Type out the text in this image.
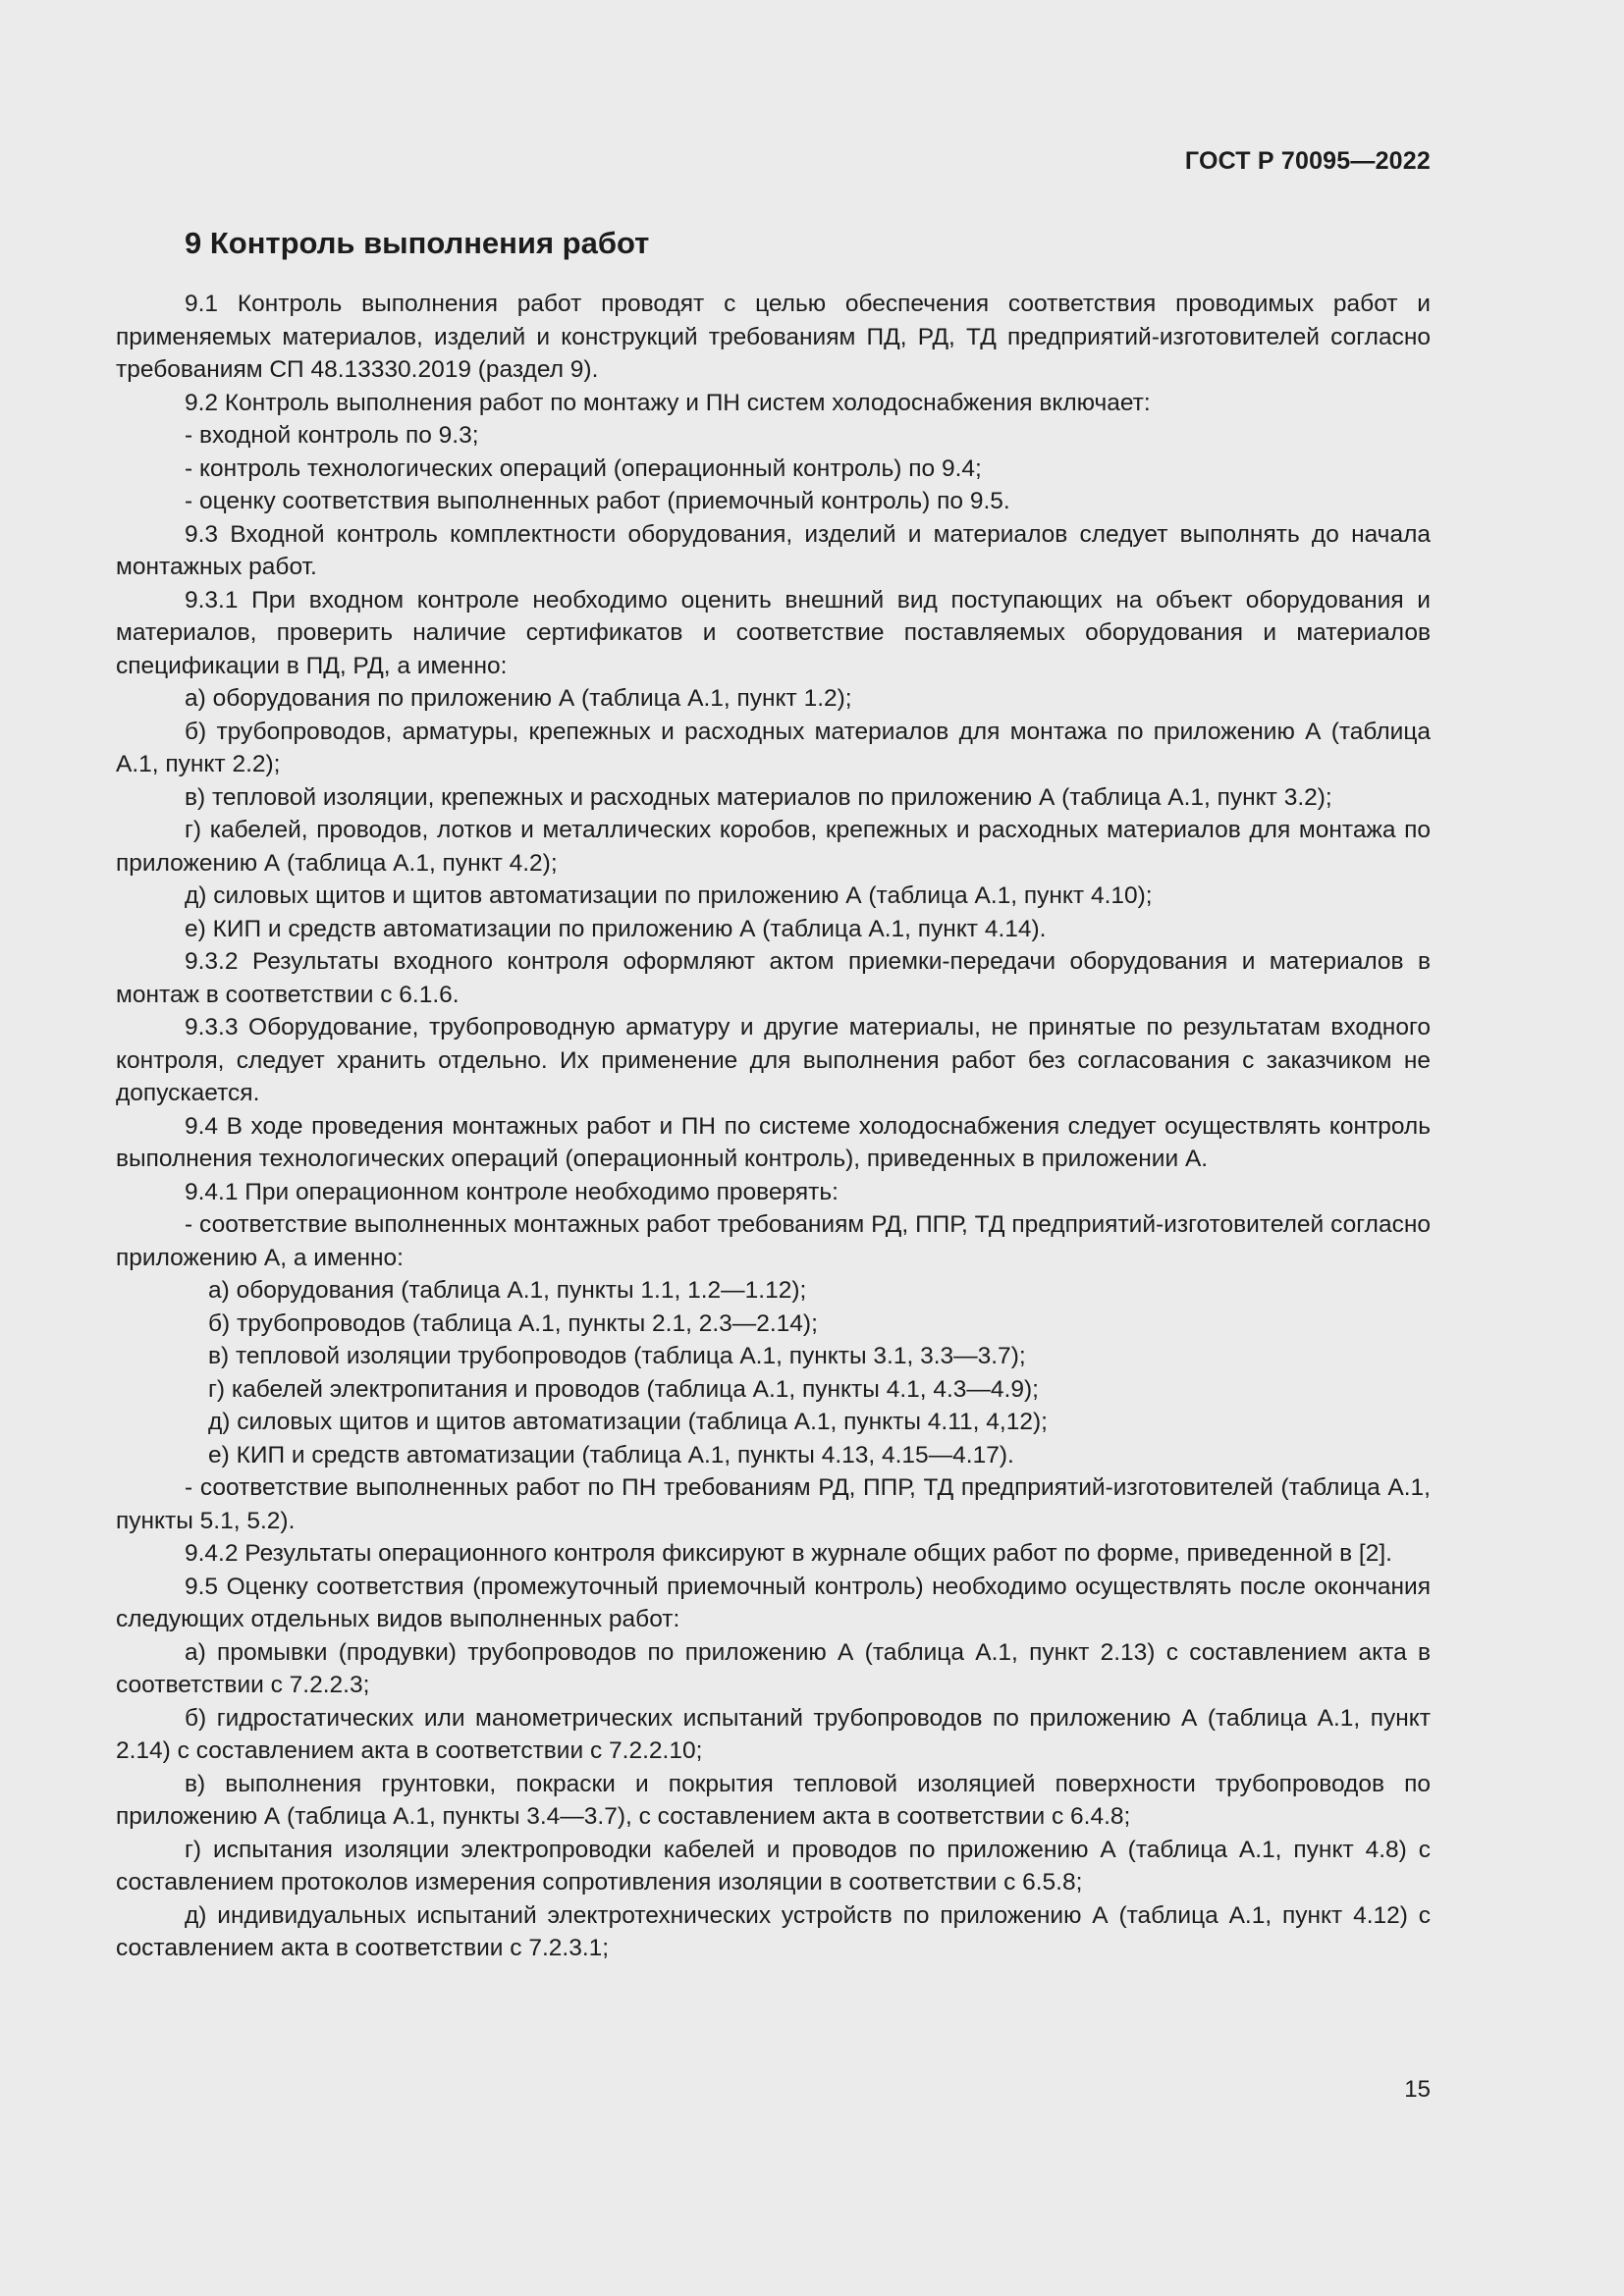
ГОСТ Р 70095—2022
9 Контроль выполнения работ

9.1 Контроль выполнения работ проводят с целью обеспечения соответствия проводимых работ и применяемых материалов, изделий и конструкций требованиям ПД, РД, ТД предприятий-изготовителей согласно требованиям СП 48.13330.2019 (раздел 9).

9.2 Контроль выполнения работ по монтажу и ПН систем холодоснабжения включает:

- входной контроль по 9.3;

- контроль технологических операций (операционный контроль) по 9.4;

- оценку соответствия выполненных работ (приемочный контроль) по 9.5.

9.3 Входной контроль комплектности оборудования, изделий и материалов следует выполнять до начала монтажных работ.

9.3.1 При входном контроле необходимо оценить внешний вид поступающих на объект оборудования и материалов, проверить наличие сертификатов и соответствие поставляемых оборудования и материалов спецификации в ПД, РД, а именно:

а) оборудования по приложению А (таблица А.1, пункт 1.2);

б) трубопроводов, арматуры, крепежных и расходных материалов для монтажа по приложению А (таблица А.1, пункт 2.2);

в) тепловой изоляции, крепежных и расходных материалов по приложению А (таблица А.1, пункт 3.2);

г) кабелей, проводов, лотков и металлических коробов, крепежных и расходных материалов для монтажа по приложению А (таблица А.1, пункт 4.2);

д) силовых щитов и щитов автоматизации по приложению А (таблица А.1, пункт 4.10);

е) КИП и средств автоматизации по приложению А (таблица А.1, пункт 4.14).

9.3.2 Результаты входного контроля оформляют актом приемки-передачи оборудования и материалов в монтаж в соответствии с 6.1.6.

9.3.3 Оборудование, трубопроводную арматуру и другие материалы, не принятые по результатам входного контроля, следует хранить отдельно. Их применение для выполнения работ без согласования с заказчиком не допускается.

9.4 В ходе проведения монтажных работ и ПН по системе холодоснабжения следует осуществлять контроль выполнения технологических операций (операционный контроль), приведенных в приложении А.

9.4.1 При операционном контроле необходимо проверять:

- соответствие выполненных монтажных работ требованиям РД, ППР, ТД предприятий-изготовителей согласно приложению А, а именно:

а) оборудования (таблица А.1, пункты 1.1, 1.2—1.12);

б) трубопроводов (таблица А.1, пункты 2.1, 2.3—2.14);

в) тепловой изоляции трубопроводов (таблица А.1, пункты 3.1, 3.3—3.7);

г) кабелей электропитания и проводов (таблица А.1, пункты 4.1, 4.3—4.9);

д) силовых щитов и щитов автоматизации (таблица А.1, пункты 4.11, 4,12);

е) КИП и средств автоматизации (таблица А.1, пункты 4.13, 4.15—4.17).

- соответствие выполненных работ по ПН требованиям РД, ППР, ТД предприятий-изготовителей (таблица А.1, пункты 5.1, 5.2).

9.4.2 Результаты операционного контроля фиксируют в журнале общих работ по форме, приведенной в [2].

9.5 Оценку соответствия (промежуточный приемочный контроль) необходимо осуществлять после окончания следующих отдельных видов выполненных работ:

а) промывки (продувки) трубопроводов по приложению А (таблица А.1, пункт 2.13) с составлением акта в соответствии с 7.2.2.3;

б) гидростатических или манометрических испытаний трубопроводов по приложению А (таблица А.1, пункт 2.14) с составлением акта в соответствии с 7.2.2.10;

в) выполнения грунтовки, покраски и покрытия тепловой изоляцией поверхности трубопроводов по приложению А (таблица А.1, пункты 3.4—3.7), с составлением акта в соответствии с 6.4.8;

г) испытания изоляции электропроводки кабелей и проводов по приложению А (таблица А.1, пункт 4.8) с составлением протоколов измерения сопротивления изоляции в соответствии с 6.5.8;

д) индивидуальных испытаний электротехнических устройств по приложению А (таблица А.1, пункт 4.12) с составлением акта в соответствии с 7.2.3.1;

15
